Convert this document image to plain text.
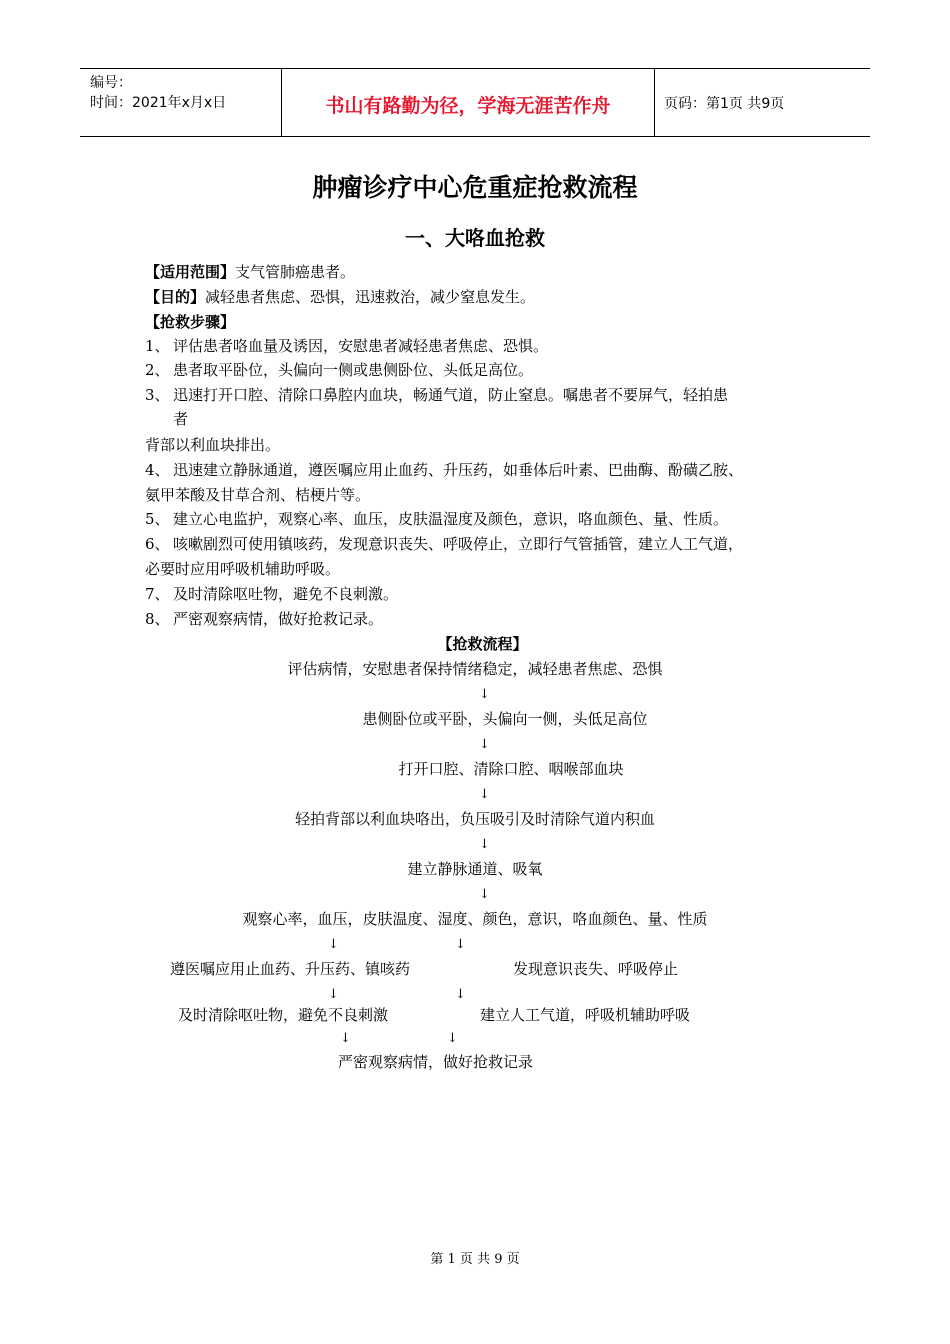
编号：
时间：2021年x月x日	书山有路勤为径，学海无涯苦作舟	页码：第1页 共9页
肿瘤诊疗中心危重症抢救流程
一、大咯血抢救
【适用范围】支气管肺癌患者。
【目的】减轻患者焦虑、恐惧，迅速救治，减少窒息发生。
【抢救步骤】
1、 评估患者咯血量及诱因，安慰患者减轻患者焦虑、恐惧。
2、 患者取平卧位，头偏向一侧或患侧卧位、头低足高位。
3、 迅速打开口腔、清除口鼻腔内血块，畅通气道，防止窒息。嘱患者不要屏气，轻拍患
者
背部以利血块排出。
4、 迅速建立静脉通道，遵医嘱应用止血药、升压药，如垂体后叶素、巴曲酶、酚磺乙胺、
氨甲苯酸及甘草合剂、桔梗片等。
5、 建立心电监护，观察心率、血压，皮肤温湿度及颜色，意识，咯血颜色、量、性质。
6、 咳嗽剧烈可使用镇咳药，发现意识丧失、呼吸停止，立即行气管插管，建立人工气道，
必要时应用呼吸机辅助呼吸。
7、 及时清除呕吐物，避免不良刺激。
8、 严密观察病情，做好抢救记录。
【抢救流程】
评估病情，安慰患者保持情绪稳定，减轻患者焦虑、恐惧
↓
患侧卧位或平卧，头偏向一侧，头低足高位
↓
打开口腔、清除口腔、咽喉部血块
↓
轻拍背部以利血块咯出，负压吸引及时清除气道内积血
↓
建立静脉通道、吸氧
↓
观察心率，血压，皮肤温度、湿度、颜色，意识，咯血颜色、量、性质
↓	↓
遵医嘱应用止血药、升压药、镇咳药	发现意识丧失、呼吸停止
↓	↓
及时清除呕吐物，避免不良刺激	建立人工气道，呼吸机辅助呼吸
↓	↓
严密观察病情，做好抢救记录
第 1 页 共 9 页
